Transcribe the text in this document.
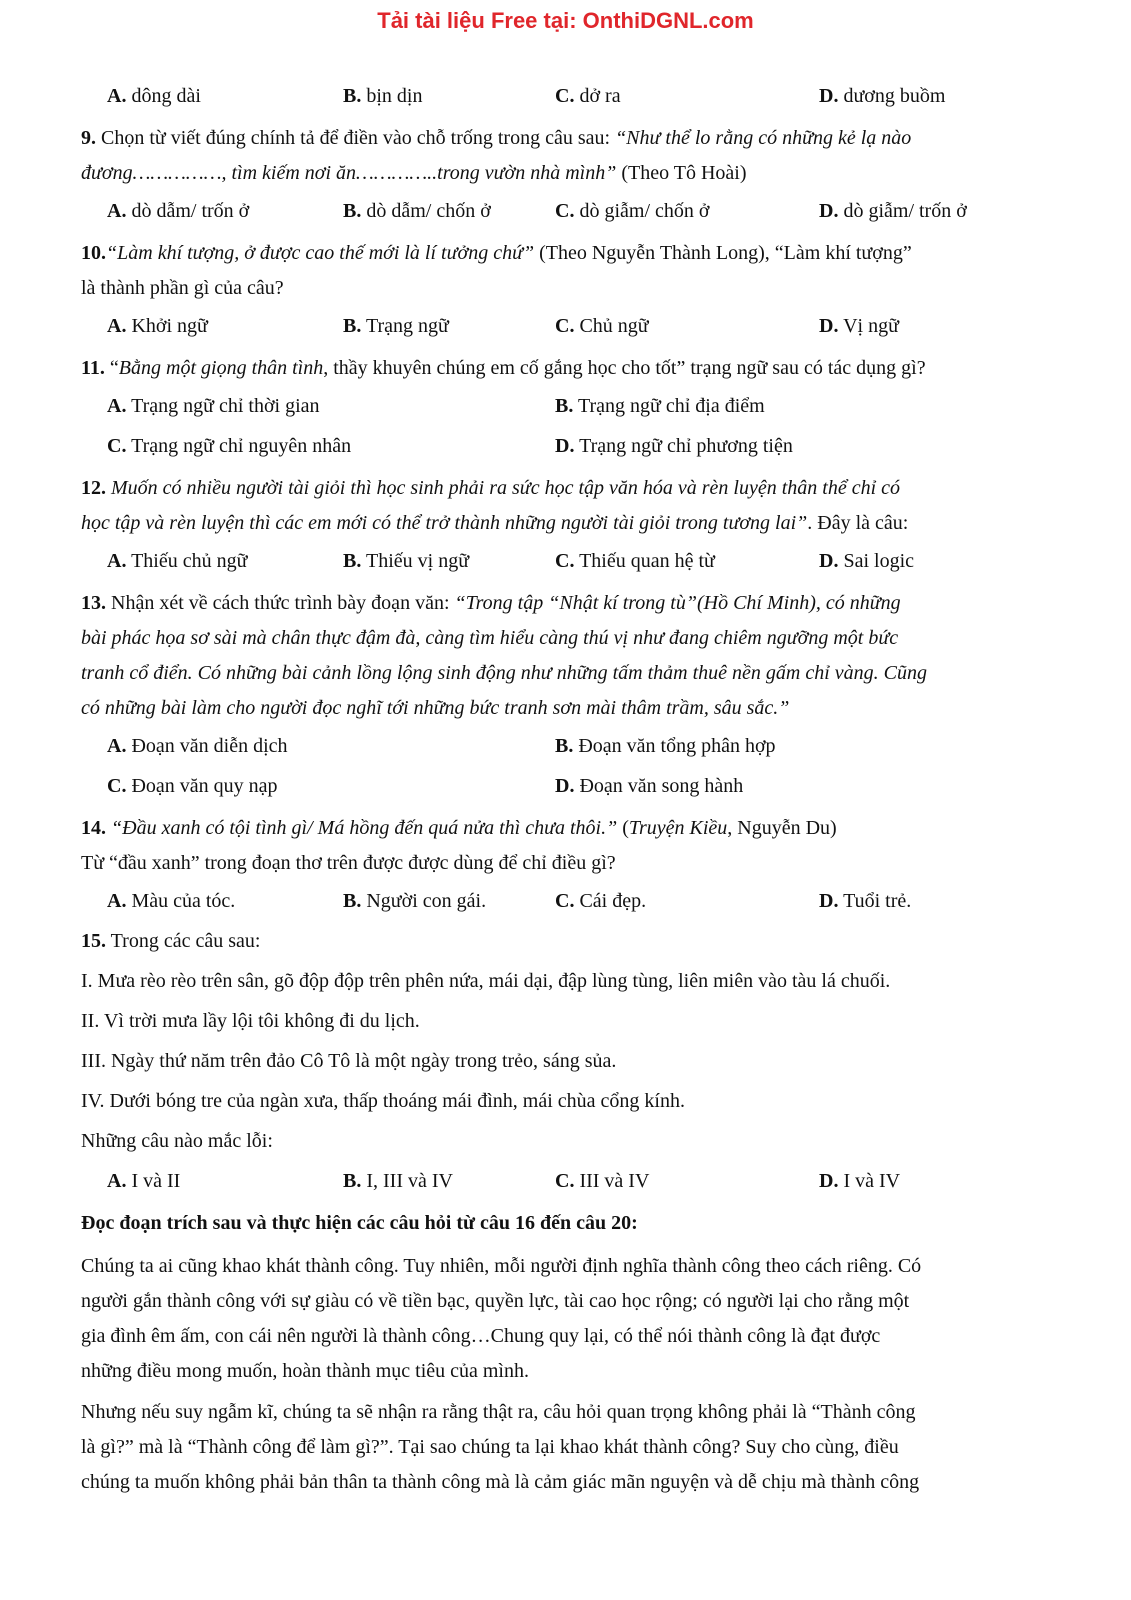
Tải tài liệu Free tại: OnthiDGNL.com
A. dông dài	B. bịn dịn	C. dở ra	D. dương buồm
9. Chọn từ viết đúng chính tả để điền vào chỗ trống trong câu sau: “Như thể lo rằng có những kẻ lạ nào
đương……………, tìm kiếm nơi ăn…………..trong vườn nhà mình” (Theo Tô Hoài)
A. dò dẫm/ trốn ở	B. dò dẫm/ chốn ở	C. dò giẫm/ chốn ở	D. dò giẫm/ trốn ở
10.“Làm khí tượng, ở được cao thế mới là lí tưởng chứ” (Theo Nguyễn Thành Long), “Làm khí tượng”
là thành phần gì của câu?
A. Khởi ngữ	B. Trạng ngữ	C. Chủ ngữ	D. Vị ngữ
11. “Bằng một giọng thân tình, thầy khuyên chúng em cố gắng học cho tốt” trạng ngữ sau có tác dụng gì?
A. Trạng ngữ chỉ thời gian	B. Trạng ngữ chỉ địa điểm
C. Trạng ngữ chỉ nguyên nhân	D. Trạng ngữ chỉ phương tiện
12. Muốn có nhiều người tài giỏi thì học sinh phải ra sức học tập văn hóa và rèn luyện thân thể chỉ có
học tập và rèn luyện thì các em mới có thể trở thành những người tài giỏi trong tương lai”. Đây là câu:
A. Thiếu chủ ngữ	B. Thiếu vị ngữ	C. Thiếu quan hệ từ	D. Sai logic
13. Nhận xét về cách thức trình bày đoạn văn: “Trong tập “Nhật kí trong tù”(Hồ Chí Minh), có những
bài phác họa sơ sài mà chân thực đậm đà, càng tìm hiểu càng thú vị như đang chiêm ngưỡng một bức
tranh cổ điển. Có những bài cảnh lồng lộng sinh động như những tấm thảm thuê nền gấm chỉ vàng. Cũng
có những bài làm cho người đọc nghĩ tới những bức tranh sơn mài thâm trầm, sâu sắc.”
A. Đoạn văn diễn dịch	B. Đoạn văn tổng phân hợp
C. Đoạn văn quy nạp	D. Đoạn văn song hành
14. “Đầu xanh có tội tình gì/ Má hồng đến quá nửa thì chưa thôi.” (Truyện Kiều, Nguyễn Du)
Từ “đầu xanh” trong đoạn thơ trên được được dùng để chỉ điều gì?
A. Màu của tóc.	B. Người con gái.	C. Cái đẹp.	D. Tuổi trẻ.
15. Trong các câu sau:
I. Mưa rèo rèo trên sân, gõ độp độp trên phên nứa, mái dại, đập lùng tùng, liên miên vào tàu lá chuối.
II. Vì trời mưa lầy lội tôi không đi du lịch.
III. Ngày thứ năm trên đảo Cô Tô là một ngày trong trẻo, sáng sủa.
IV. Dưới bóng tre của ngàn xưa, thấp thoáng mái đình, mái chùa cổng kính.
Những câu nào mắc lỗi:
A. I và II	B. I, III và IV	C. III và IV	D. I và IV
Đọc đoạn trích sau và thực hiện các câu hỏi từ câu 16 đến câu 20:
Chúng ta ai cũng khao khát thành công. Tuy nhiên, mỗi người định nghĩa thành công theo cách riêng. Có
người gắn thành công với sự giàu có về tiền bạc, quyền lực, tài cao học rộng; có người lại cho rằng một
gia đình êm ấm, con cái nên người là thành công…Chung quy lại, có thể nói thành công là đạt được
những điều mong muốn, hoàn thành mục tiêu của mình.
Nhưng nếu suy ngẫm kĩ, chúng ta sẽ nhận ra rằng thật ra, câu hỏi quan trọng không phải là “Thành công
là gì?” mà là “Thành công để làm gì?”. Tại sao chúng ta lại khao khát thành công? Suy cho cùng, điều
chúng ta muốn không phải bản thân ta thành công mà là cảm giác mãn nguyện và dễ chịu mà thành công
